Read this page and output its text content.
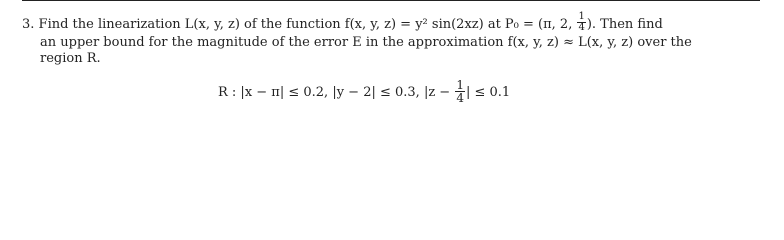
3. Find the linearization L(x, y, z) of the function f(x, y, z) = y² sin(2xz) at P₀ = (π, 2, $\frac{1}{4}$ ). Then find
an upper bound for the magnitude of the error E in the approximation f(x, y, z) ≈ L(x, y, z) over the
region R.
R : |x − π| ≤ 0.2, |y − 2| ≤ 0.3, $|z - \frac{1}{4}$ | ≤ 0.1
